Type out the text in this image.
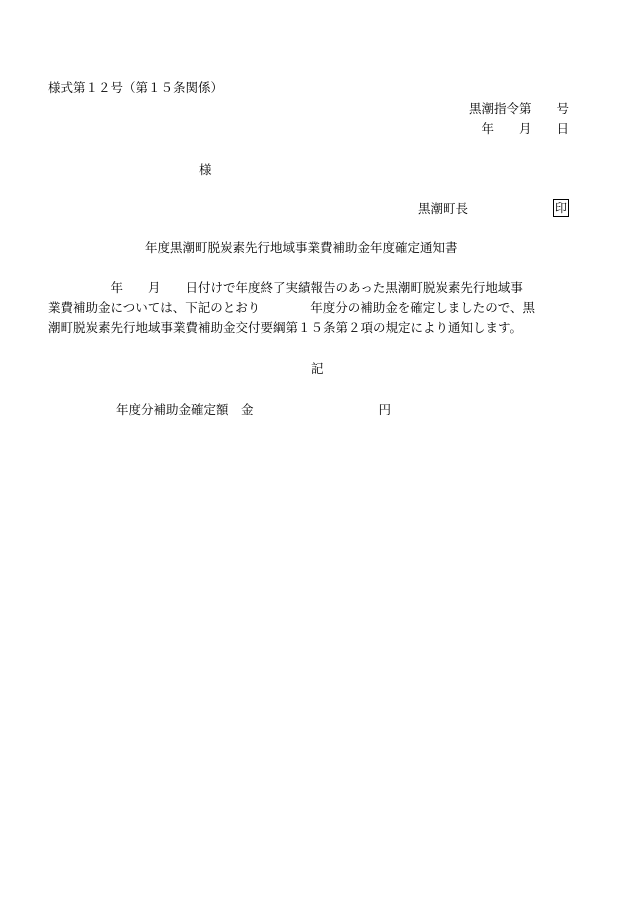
様式第１２号（第１５条関係）
黒潮指令第　　号
年　　月　　日
様
黒潮町長	印
年度黒潮町脱炭素先行地域事業費補助金年度確定通知書
　　　　　年　　月　　日付けで年度終了実績報告のあった黒潮町脱炭素先行地域事
業費補助金については、下記のとおり　　　　年度分の補助金を確定しましたので、黒
潮町脱炭素先行地域事業費補助金交付要綱第１５条第２項の規定により通知します。
記
年度分補助金確定額　金　　　　　　　　　　円
